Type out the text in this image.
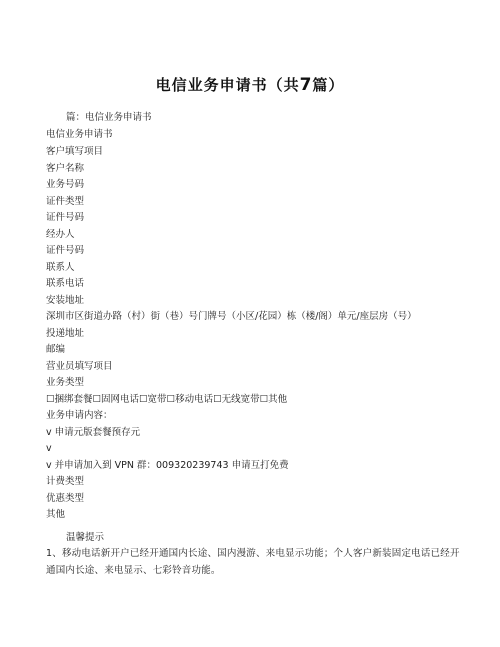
电信业务申请书（共7篇）
篇：电信业务申请书
电信业务申请书
客户填写项目
客户名称
业务号码
证件类型
证件号码
经办人
证件号码
联系人
联系电话
安装地址
深圳市区街道办路（村）街（巷）号门牌号（小区/花园）栋（楼/阁）单元/座层房（号）
投递地址
邮编
营业员填写项目
业务类型
☐捆绑套餐☐固网电话☐宽带☐移动电话☐无线宽带☐其他
业务申请内容：
v 申请元版套餐预存元
v
v 并申请加入到 VPN 群：009320239743 申请互打免费
计费类型
优惠类型
其他
温馨提示
1、移动电话新开户已经开通国内长途、国内漫游、来电显示功能；个人客户新装固定电话已经开通国内长途、来电显示、七彩铃音功能。
